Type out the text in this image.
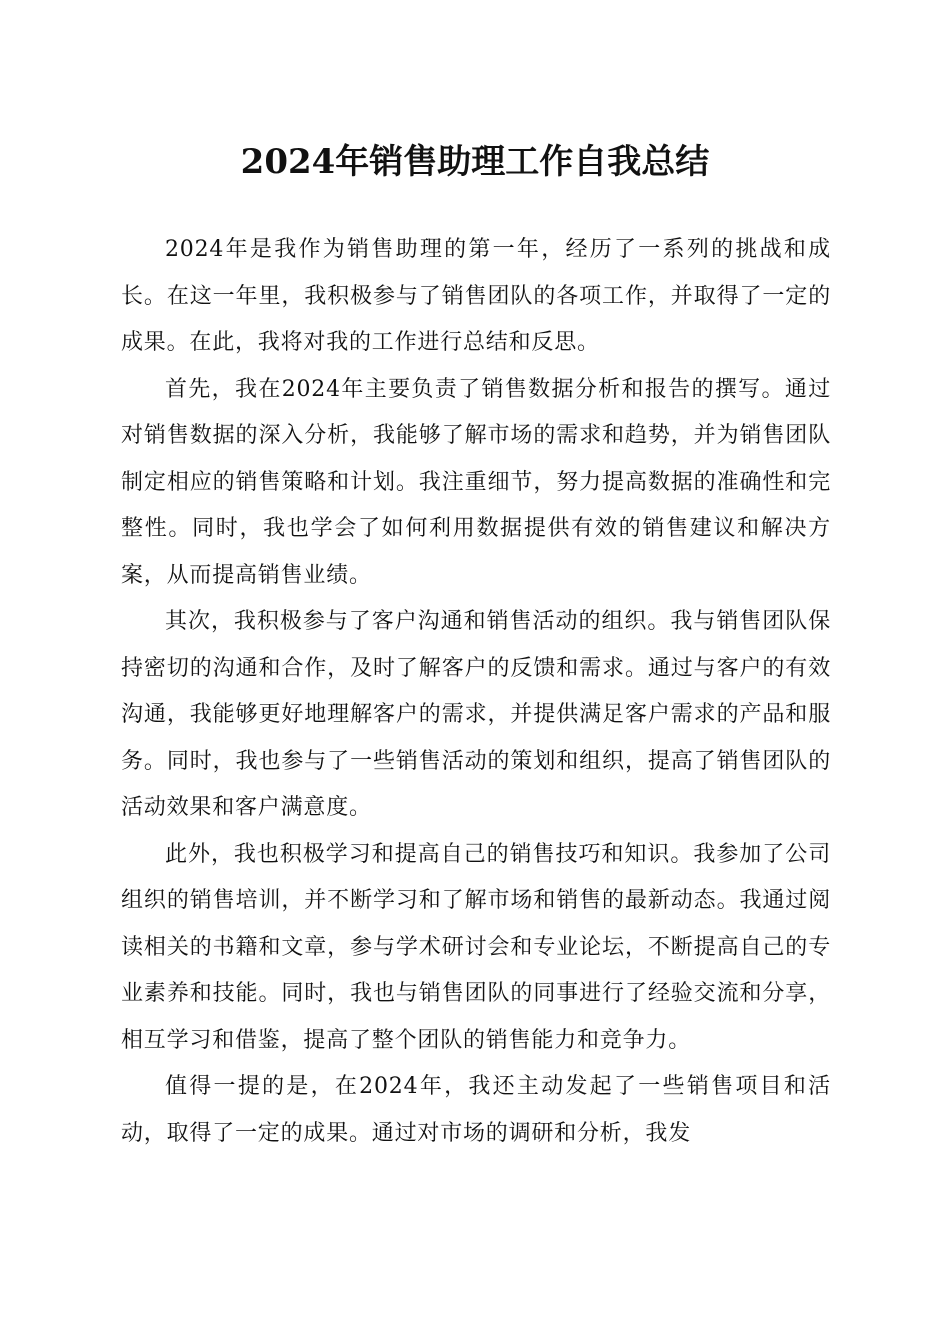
2024年销售助理工作自我总结

2024年是我作为销售助理的第一年，经历了一系列的挑战和成长。在这一年里，我积极参与了销售团队的各项工作，并取得了一定的成果。在此，我将对我的工作进行总结和反思。

首先，我在2024年主要负责了销售数据分析和报告的撰写。通过对销售数据的深入分析，我能够了解市场的需求和趋势，并为销售团队制定相应的销售策略和计划。我注重细节，努力提高数据的准确性和完整性。同时，我也学会了如何利用数据提供有效的销售建议和解决方案，从而提高销售业绩。

其次，我积极参与了客户沟通和销售活动的组织。我与销售团队保持密切的沟通和合作，及时了解客户的反馈和需求。通过与客户的有效沟通，我能够更好地理解客户的需求，并提供满足客户需求的产品和服务。同时，我也参与了一些销售活动的策划和组织，提高了销售团队的活动效果和客户满意度。

此外，我也积极学习和提高自己的销售技巧和知识。我参加了公司组织的销售培训，并不断学习和了解市场和销售的最新动态。我通过阅读相关的书籍和文章，参与学术研讨会和专业论坛，不断提高自己的专业素养和技能。同时，我也与销售团队的同事进行了经验交流和分享，相互学习和借鉴，提高了整个团队的销售能力和竞争力。

值得一提的是，在2024年，我还主动发起了一些销售项目和活动，取得了一定的成果。通过对市场的调研和分析，我发
